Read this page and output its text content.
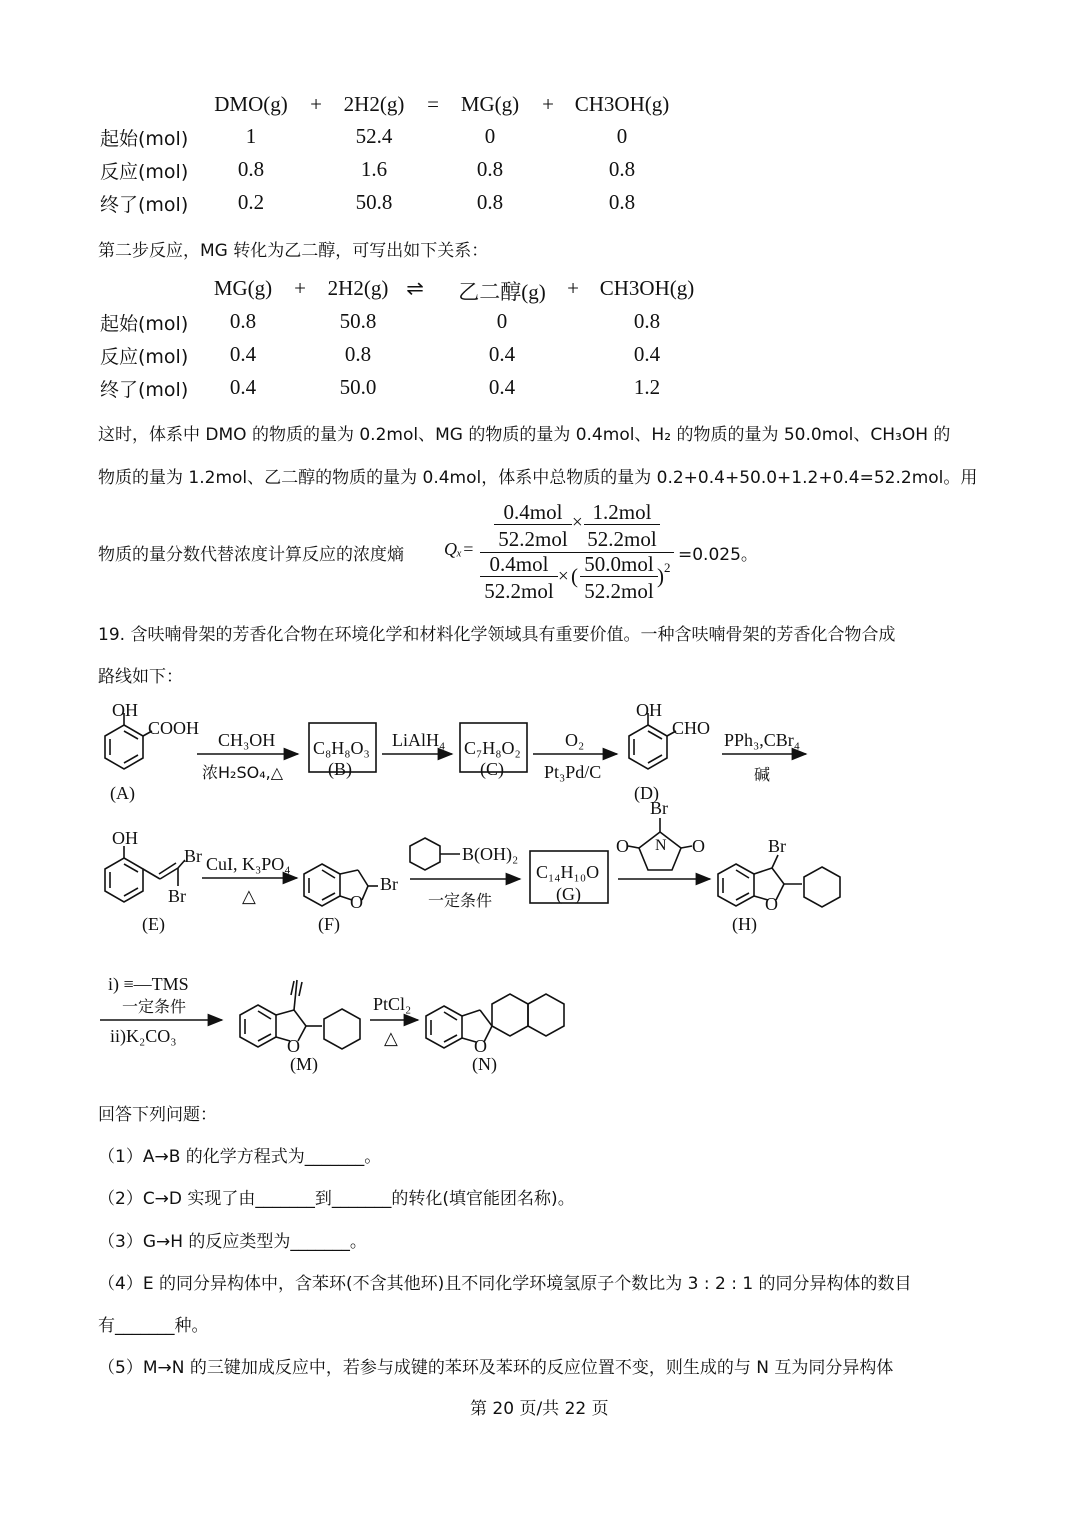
DMO(g) + 2H2(g) = MG(g) + CH3OH(g)
起始(mol)	1	52.4	0	0
反应(mol) 0.8	1.6	0.8	0.8
终了(mol) 0.2	50.8	0.8	0.8
第二步反应，MG 转化为乙二醇，可写出如下关系：
MG(g) + 2H2(g) ⇌ 乙二醇(g) + CH3OH(g)
起始(mol) 0.8	50.8	0	0.8
反应(mol) 0.4	0.8	0.4	0.4
终了(mol) 0.4	50.0	0.4	1.2
这时，体系中 DMO 的物质的量为 0.2mol、MG 的物质的量为 0.4mol、H₂ 的物质的量为 50.0mol、CH₃OH 的
物质的量为 1.2mol、乙二醇的物质的量为 0.4mol，体系中总物质的量为 0.2+0.4+50.0+1.2+0.4=52.2mol。用
物质的量分数代替浓度计算反应的浓度熵 Qₓ=
0.4mol
52.2mol
× 1.2mol
52.2mol
0.4mol
52.2mol
× ( 50.0mol
52.2mol
) 2
=0.025。
19. 含呋喃骨架的芳香化合物在环境化学和材料化学领域具有重要价值。一种含呋喃骨架的芳香化合物合成
路线如下：
OH
COOH
(A)
CH₃OH
浓H₂SO₄,△
C₈H₈O₃
(B)
LiAlH₄ C₇H₈O₂
(C)
O₂
Pt₃Pd/C
OH
CHO
(D)
PPh₃,CBr₄
碱
OH
Br
Br
(E)
CuI, K₃PO₄
△	O
Br
(F)
B(OH)₂
一定条件
C₁₄H₁₀O
(G)
Br
N
O	O	Br
O
(H)
i) ≡—TMS
一定条件
ii)K₂CO₃	O
(M)
PtCl₂
△	O
(N)
回答下列问题：
（1）A→B 的化学方程式为_______。
（2）C→D 实现了由_______到_______的转化(填官能团名称)。
（3）G→H 的反应类型为_______。
（4）E 的同分异构体中，含苯环(不含其他环)且不同化学环境氢原子个数比为 3 : 2 : 1 的同分异构体的数目
有_______种。
（5）M→N 的三键加成反应中，若参与成键的苯环及苯环的反应位置不变，则生成的与 N 互为同分异构体
第 20 页/共 22 页
